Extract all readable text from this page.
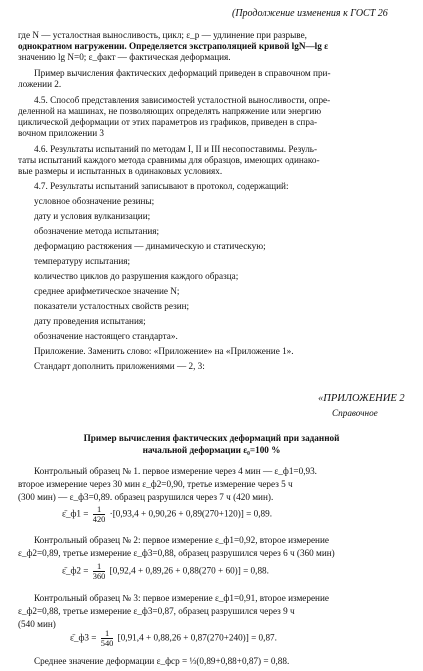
(Продолжение изменения к ГОСТ 26
где N — усталостная выносливость, цикл; ε_p — удлинение при разрыве,
однократном нагружении. Определяется экстраполяцией кривой lgN—lg ε
значению lg N=0; ε_факт — фактическая деформация.
Пример вычисления фактических деформаций приведен в справочном при-
ложении 2.
4.5. Способ представления зависимостей усталостной выносливости, опре-
деленной на машинах, не позволяющих определять напряжение или энергию
циклической деформации от этих параметров из графиков, приведен в спра-
вочном приложении 3
4.6. Результаты испытаний по методам I, II и III несопоставимы. Резуль-
таты испытаний каждого метода сравнимы для образцов, имеющих одинако-
вые размеры и испытанных в одинаковых условиях.
4.7. Результаты испытаний записывают в протокол, содержащий:
условное обозначение резины;
дату и условия вулканизации;
обозначение метода испытания;
деформацию растяжения — динамическую и статическую;
температуру испытания;
количество циклов до разрушения каждого образца;
среднее арифметическое значение N;
показатели усталостных свойств резин;
дату проведения испытания;
обозначение настоящего стандарта».
Приложение. Заменить слово: «Приложение» на «Приложение 1».
Стандарт дополнить приложениями — 2, 3:
«ПРИЛОЖЕНИЕ 2
Справочное
Пример вычисления фактических деформаций при заданной
начальной деформации ε₀=100 %
Контрольный образец № 1. первое измерение через 4 мин — ε_ф1=0,93.
второе измерение через 30 мин ε_ф2=0,90, третье измерение через 5 ч
(300 мин) — ε_ф3=0,89. образец разрушился через 7 ч (420 мин).
ε̄_ф1 = $\frac{1}{420} \cdot[0,93,4 + 0,90,26 + 0,89(270+120)] = 0,89$.
Контрольный образец № 2: первое измерение ε_ф1=0,92, второе измерение
ε_ф2=0,89, третье измерение ε_ф3=0,88, образец разрушился через 6 ч (360 мин)
ε̄_ф2 = $\frac{1}{360} [0,92,4 + 0,89,26 + 0,88(270 + 60)] = 0,88$.
Контрольный образец № 3: первое измерение ε_ф1=0,91, второе измерение
ε_ф2=0,88, третье измерение ε_ф3=0,87, образец разрушился через 9 ч
(540 мин)
ε̄_ф3 = $\frac{1}{540} [0,91,4 + 0,88,26 + 0,87(270+240)] = 0,87$.
Среднее значение деформации ε_фср = ⅓(0,89+0,88+0,87) = 0,88.
